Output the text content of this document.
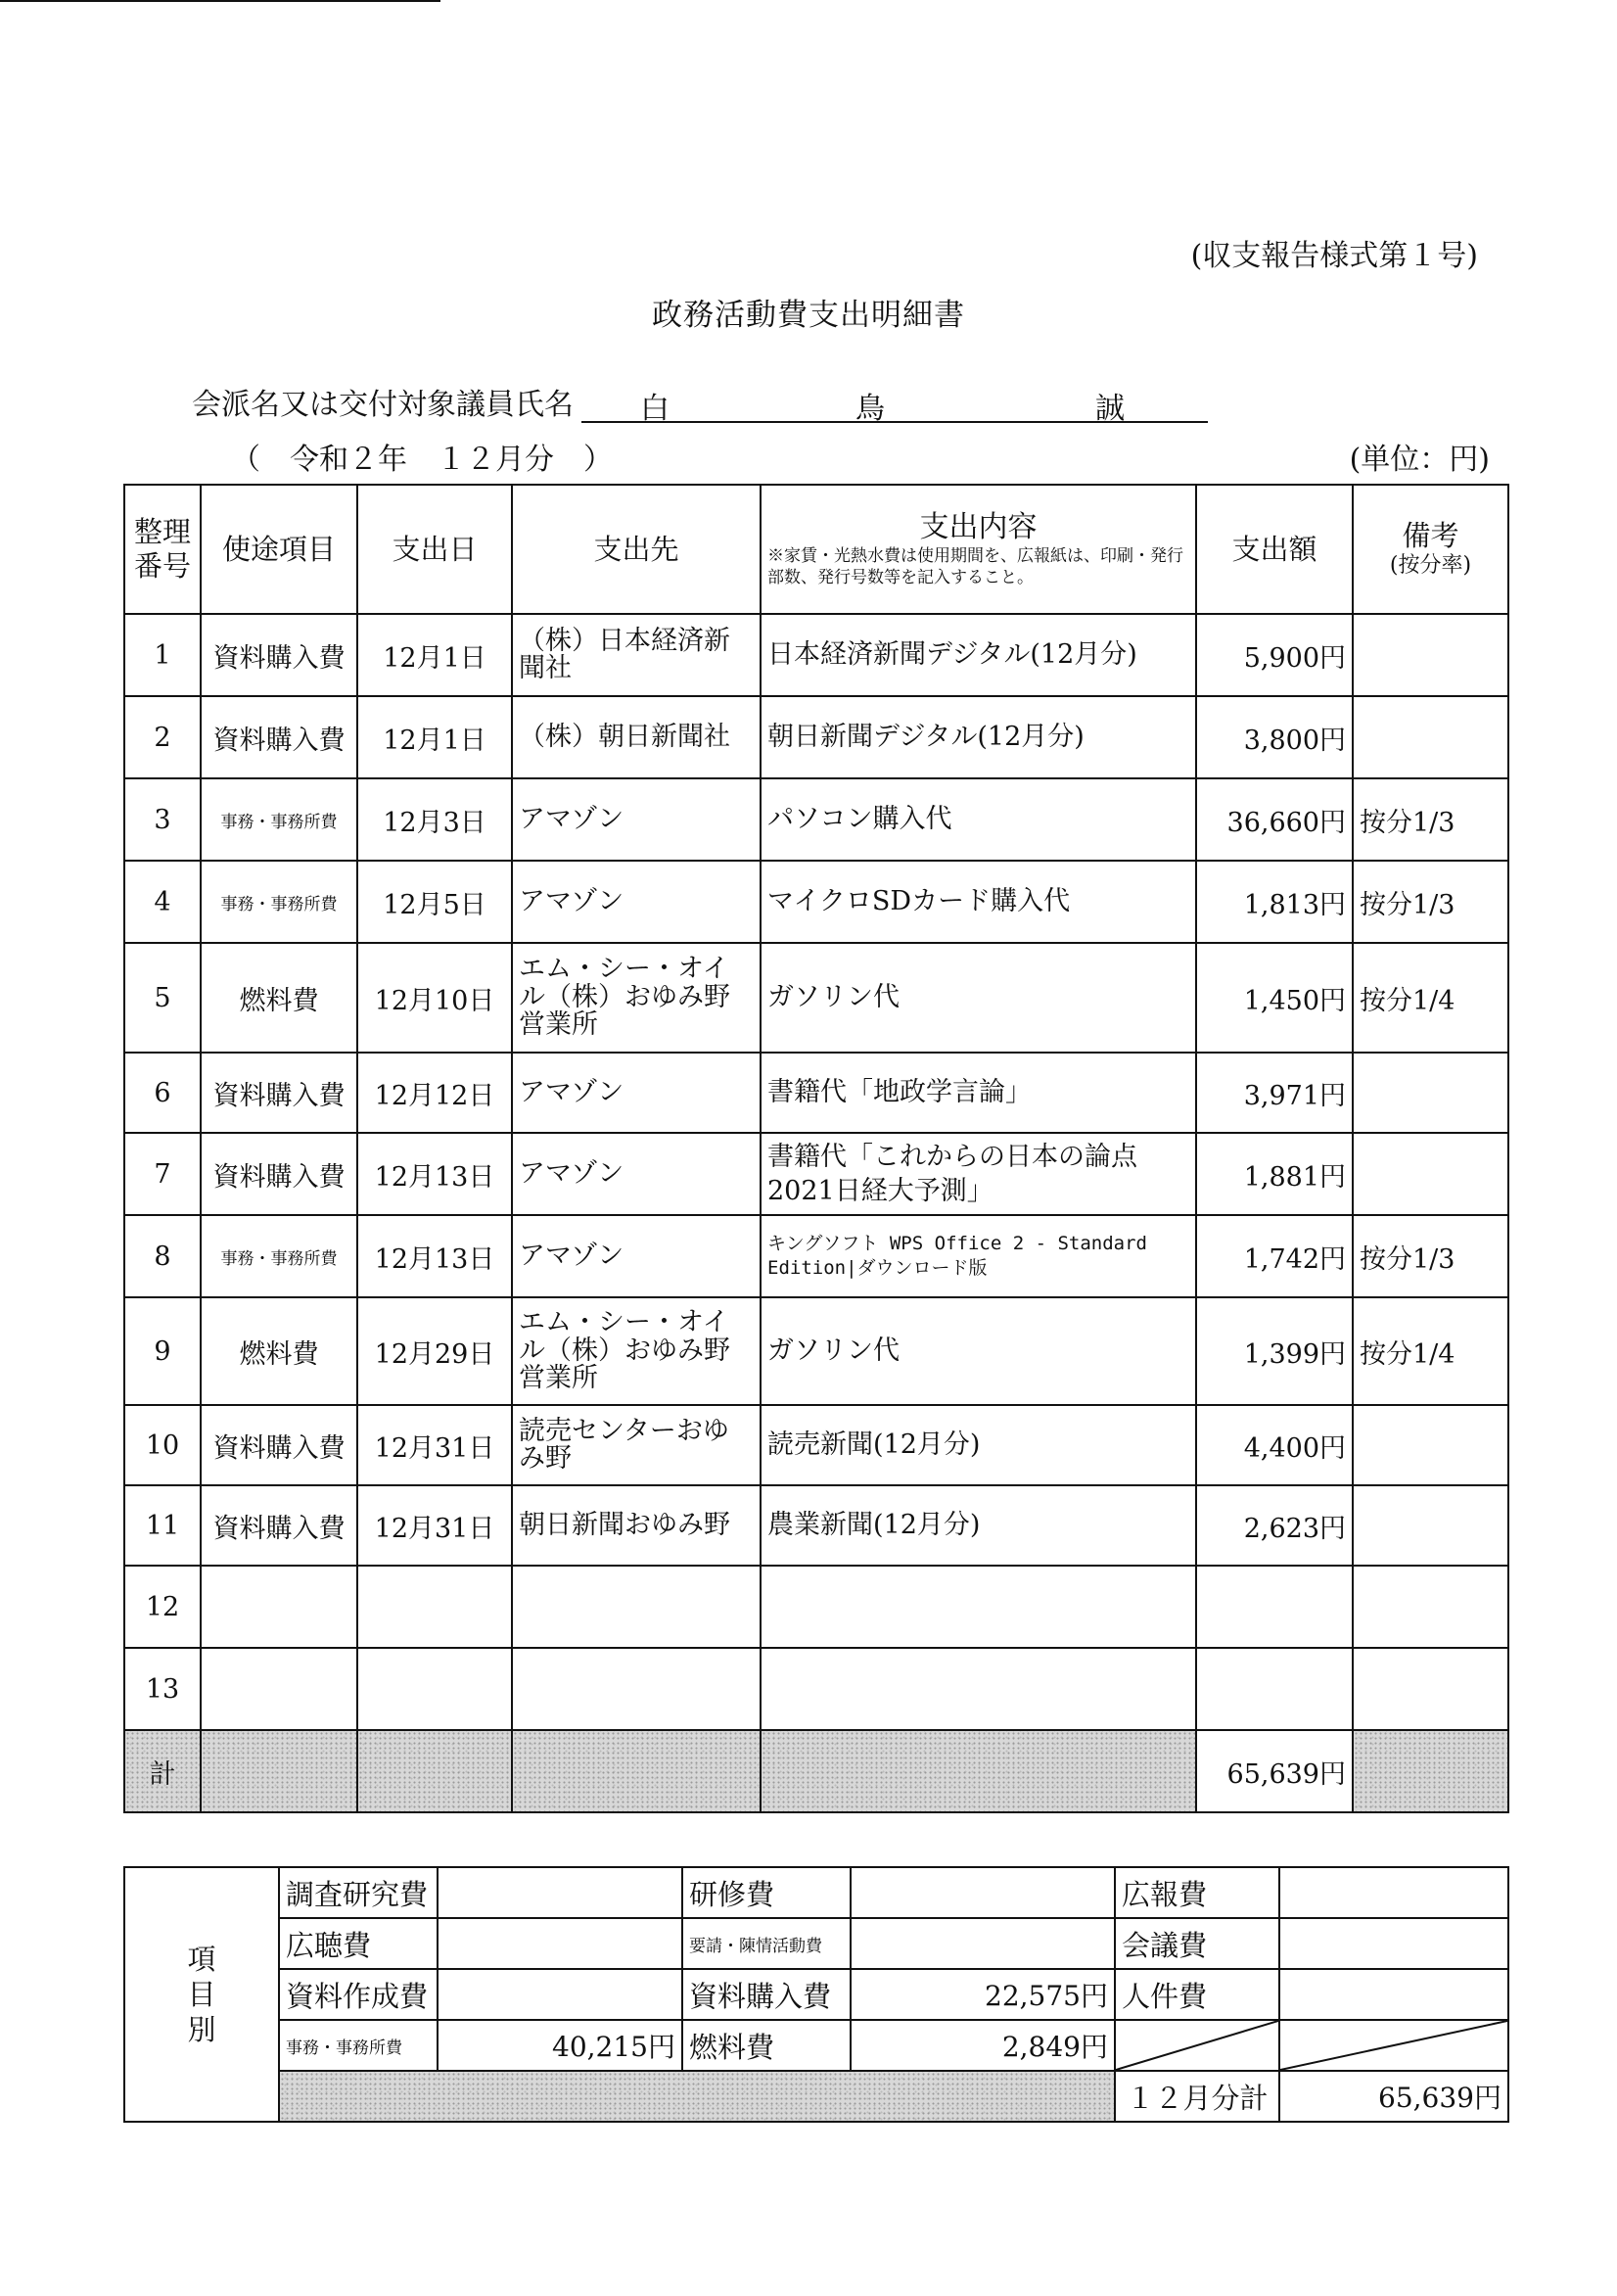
(収支報告様式第１号)
政務活動費支出明細書
会派名又は交付対象議員氏名 白	鳥	誠
（　令和２年　１２月分　）	(単位：円)
整理番号	使途項目	支出日	支出先	支出内容
※家賃・光熱水費は使用期間を、広報紙は、印刷・発行部数、発行号数等を記入すること。	支出額	備考
(按分率)

1	資料購入費	12月1日	（株）日本経済新聞社	日本経済新聞デジタル(12月分)	5,900円	
2	資料購入費	12月1日	（株）朝日新聞社	朝日新聞デジタル(12月分)	3,800円	
3	事務・事務所費	12月3日	アマゾン	パソコン購入代	36,660円	按分1/3
4	事務・事務所費	12月5日	アマゾン	マイクロSDカード購入代	1,813円	按分1/3
5	燃料費	12月10日	エム・シー・オイル（株）おゆみ野営業所	ガソリン代	1,450円	按分1/4
6	資料購入費	12月12日	アマゾン	書籍代「地政学言論」	3,971円	
7	資料購入費	12月13日	アマゾン	書籍代「これからの日本の論点2021日経大予測」	1,881円	
8	事務・事務所費	12月13日	アマゾン	キングソフト WPS Office 2 - Standard Edition|ダウンロード版	1,742円	按分1/3
9	燃料費	12月29日	エム・シー・オイル（株）おゆみ野営業所	ガソリン代	1,399円	按分1/4
10	資料購入費	12月31日	読売センターおゆみ野	読売新聞(12月分)	4,400円	
11	資料購入費	12月31日	朝日新聞おゆみ野	農業新聞(12月分)	2,623円	
12						
13						
計					65,639円	
項目別	調査研究費		研修費		広報費	
	広聴費		要請・陳情活動費		会議費	
	資料作成費		資料購入費	22,575円	人件費	
	事務・事務所費	40,215円	燃料費	2,849円	

					１２月分計	65,639円
